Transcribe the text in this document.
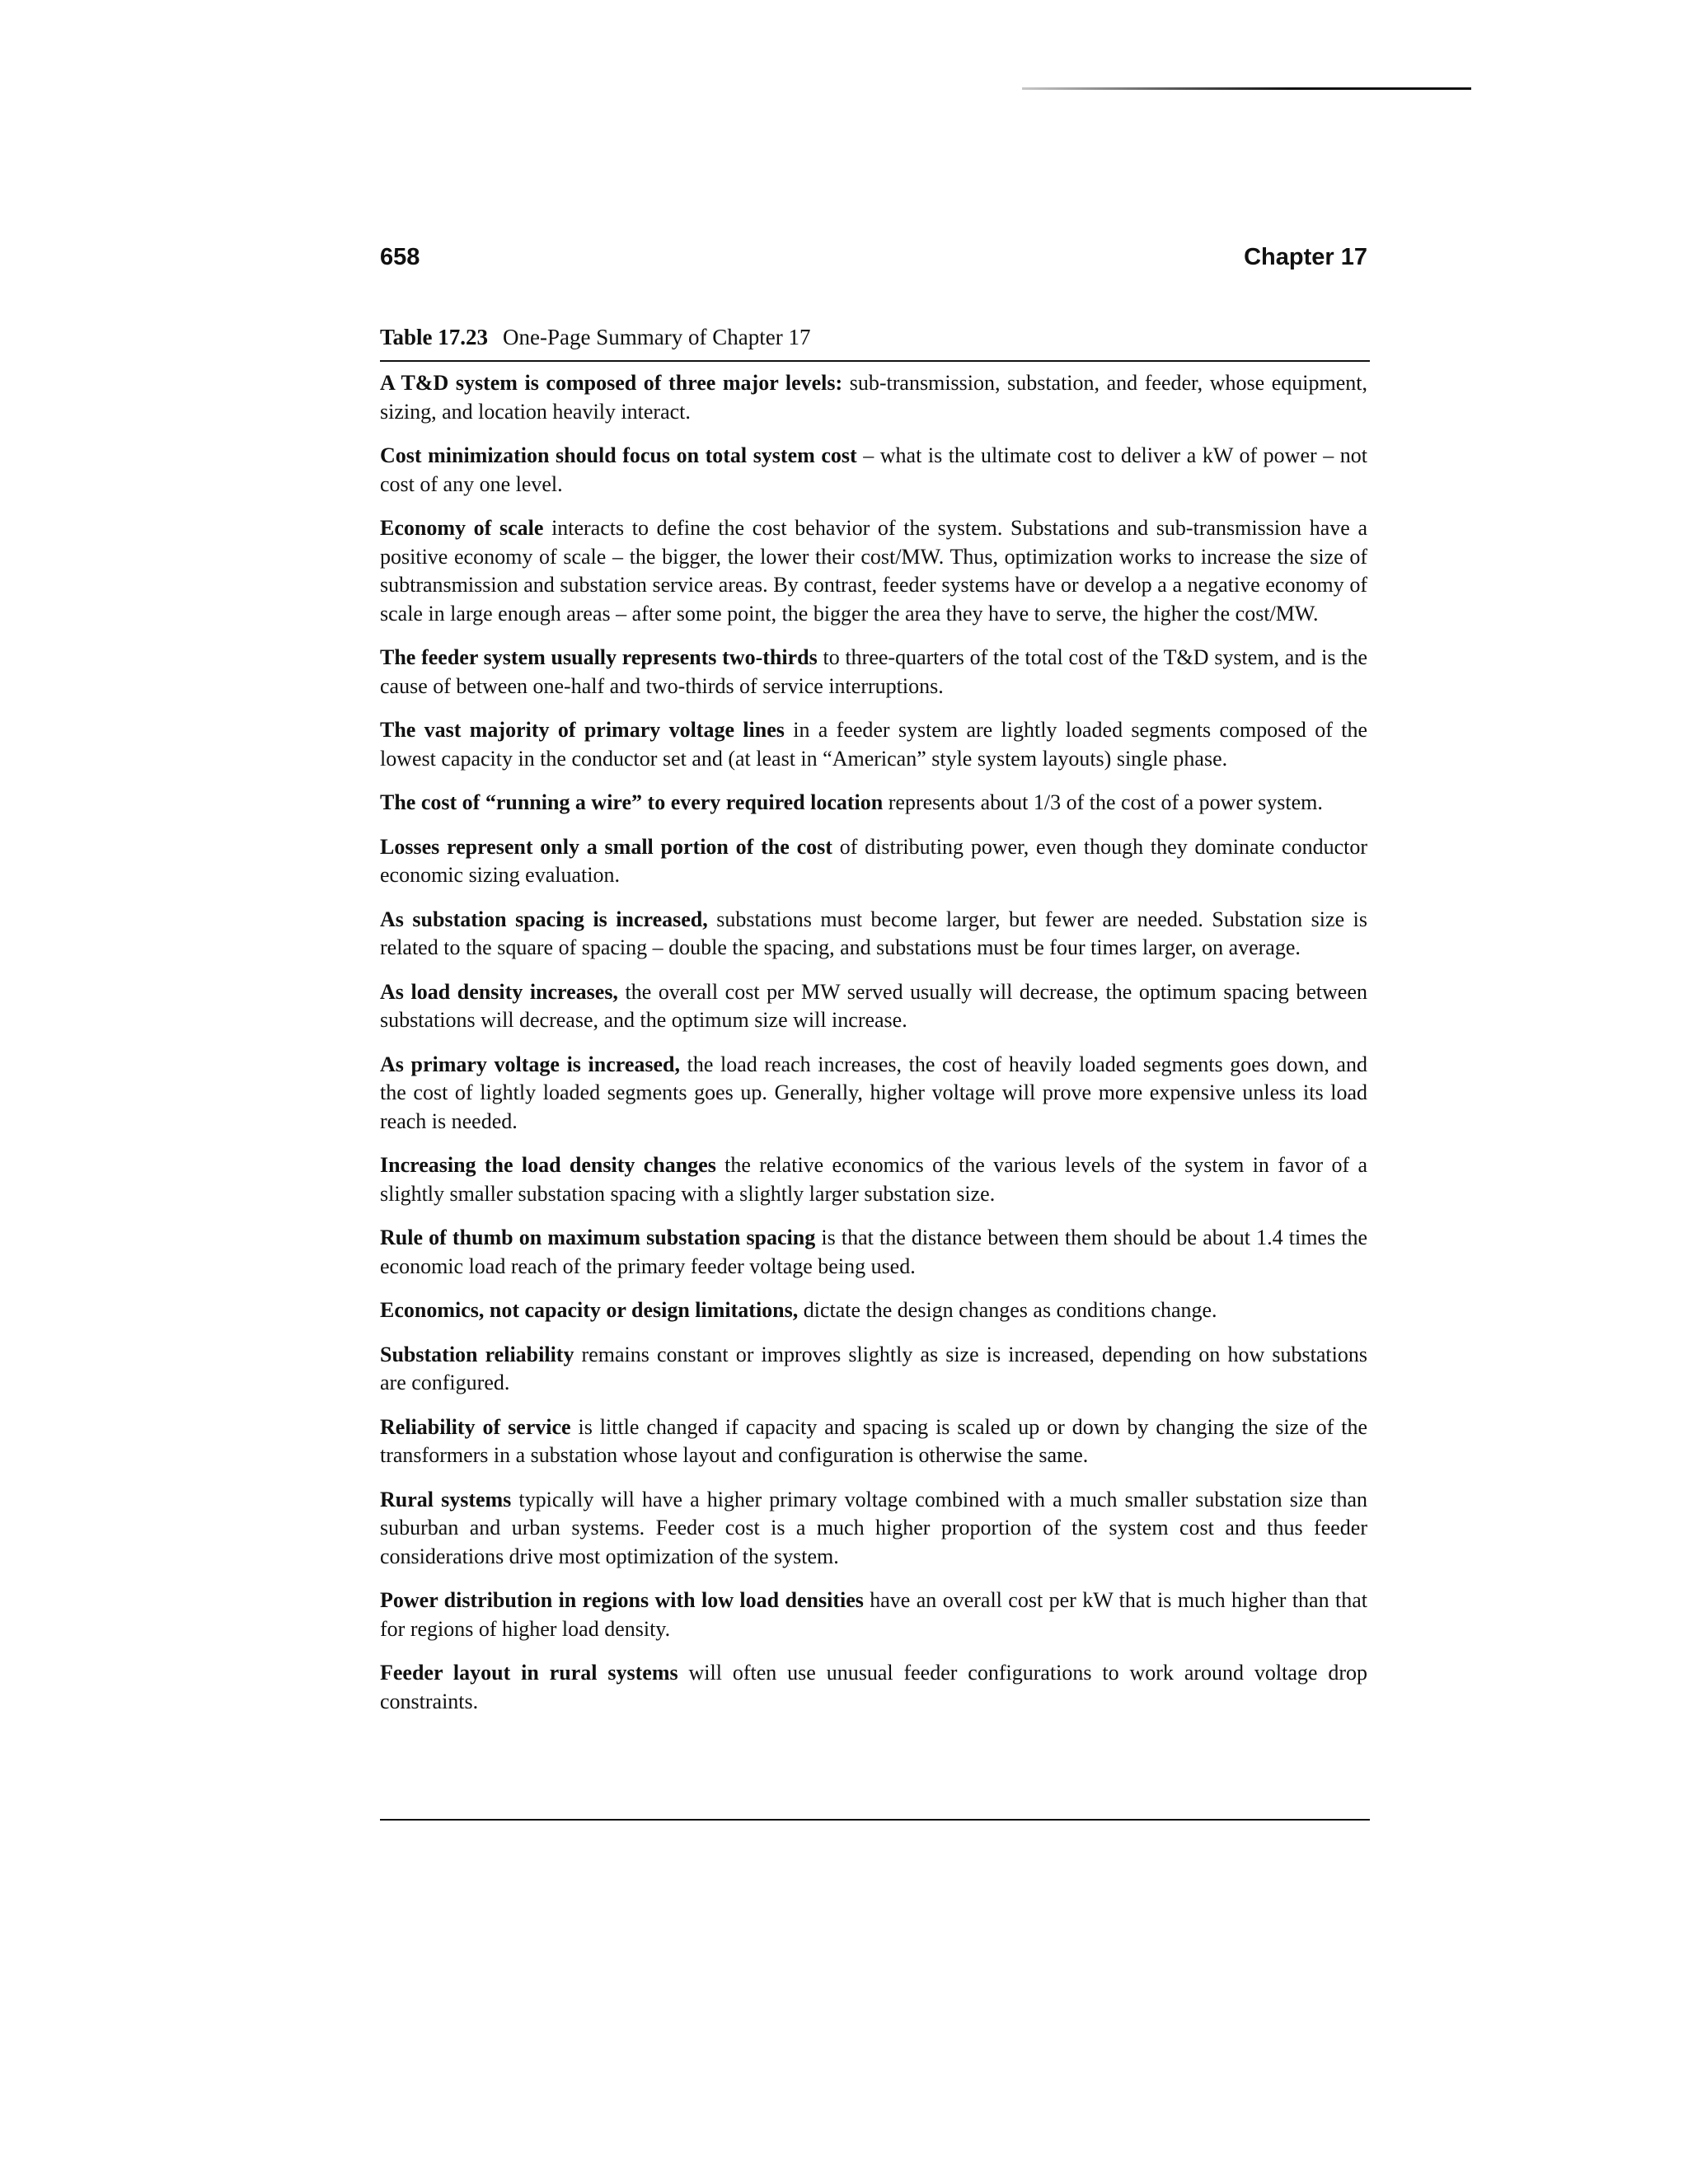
658	Chapter 17
Table 17.23 One-Page Summary of Chapter 17

A T&D system is composed of three major levels: sub-transmission, substation, and feeder, whose equipment, sizing, and location heavily interact.

Cost minimization should focus on total system cost – what is the ultimate cost to deliver a kW of power – not cost of any one level.

Economy of scale interacts to define the cost behavior of the system. Substations and sub-transmission have a positive economy of scale – the bigger, the lower their cost/MW. Thus, optimization works to increase the size of subtransmission and substation service areas. By contrast, feeder systems have or develop a a negative economy of scale in large enough areas – after some point, the bigger the area they have to serve, the higher the cost/MW.

The feeder system usually represents two-thirds to three-quarters of the total cost of the T&D system, and is the cause of between one-half and two-thirds of service interruptions.

The vast majority of primary voltage lines in a feeder system are lightly loaded segments composed of the lowest capacity in the conductor set and (at least in “American” style system layouts) single phase.

The cost of “running a wire” to every required location represents about 1/3 of the cost of a power system.

Losses represent only a small portion of the cost of distributing power, even though they dominate conductor economic sizing evaluation.

As substation spacing is increased, substations must become larger, but fewer are needed. Substation size is related to the square of spacing – double the spacing, and substations must be four times larger, on average.

As load density increases, the overall cost per MW served usually will decrease, the optimum spacing between substations will decrease, and the optimum size will increase.

As primary voltage is increased, the load reach increases, the cost of heavily loaded segments goes down, and the cost of lightly loaded segments goes up. Generally, higher voltage will prove more expensive unless its load reach is needed.

Increasing the load density changes the relative economics of the various levels of the system in favor of a slightly smaller substation spacing with a slightly larger substation size.

Rule of thumb on maximum substation spacing is that the distance between them should be about 1.4 times the economic load reach of the primary feeder voltage being used.

Economics, not capacity or design limitations, dictate the design changes as conditions change.

Substation reliability remains constant or improves slightly as size is increased, depending on how substations are configured.

Reliability of service is little changed if capacity and spacing is scaled up or down by changing the size of the transformers in a substation whose layout and configuration is otherwise the same.

Rural systems typically will have a higher primary voltage combined with a much smaller substation size than suburban and urban systems. Feeder cost is a much higher proportion of the system cost and thus feeder considerations drive most optimization of the system.

Power distribution in regions with low load densities have an overall cost per kW that is much higher than that for regions of higher load density.

Feeder layout in rural systems will often use unusual feeder configurations to work around voltage drop constraints.
